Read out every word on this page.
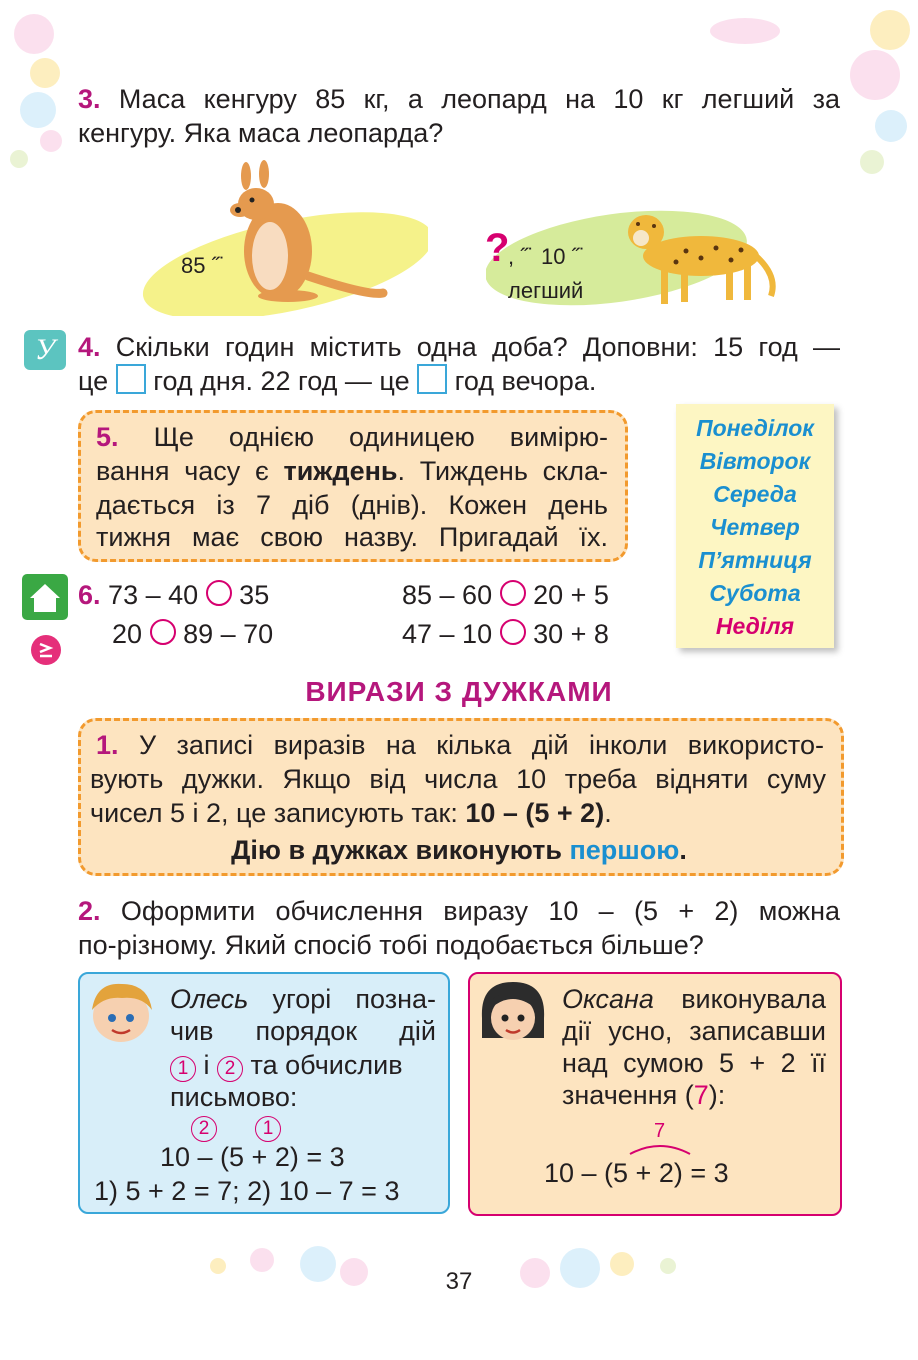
3. Маса кенгуру 85 кг, а леопард на 10 кг легший за
кенгуру. Яка маса леопарда?
85 ˝˙	?
, ˝˙ 10 ˝˙
легший
У 4. Скільки годин містить одна доба? Доповни: 15 год —
це год дня. 22 год — це год вечора.
5. Ще однією одиницею вимірю-
вання часу є тиждень. Тиждень скла-
дається із 7 діб (днів). Кожен день
тижня має свою назву. Пригадай їх.
Понеділок
Вівторок
Середа
Четвер
П’ятниця
Субота
Неділя
6. 73 – 40 35	85 – 60 20 + 5
20 89 – 70	47 – 10 30 + 8
ВИРАЗИ З ДУЖКАМИ
1. У записі виразів на кілька дій інколи використо-
вують дужки. Якщо від числа 10 треба відняти суму
чисел 5 і 2, це записують так: 10 – (5 + 2).
Дію в дужках виконують першою.
2. Оформити обчислення виразу 10 – (5 + 2) можна
по-різному. Який спосіб тобі подобається більше?
Олесь угорі позна-
чив порядок дій
1 і 2 та обчислив
письмово:
2	1
10 – (5 + 2) = 3
1) 5 + 2 = 7; 2) 10 – 7 = 3
Оксана виконувала
дії усно, записавши
над сумою 5 + 2 її
значення (7):
7
10 – (5 + 2) = 3
37
